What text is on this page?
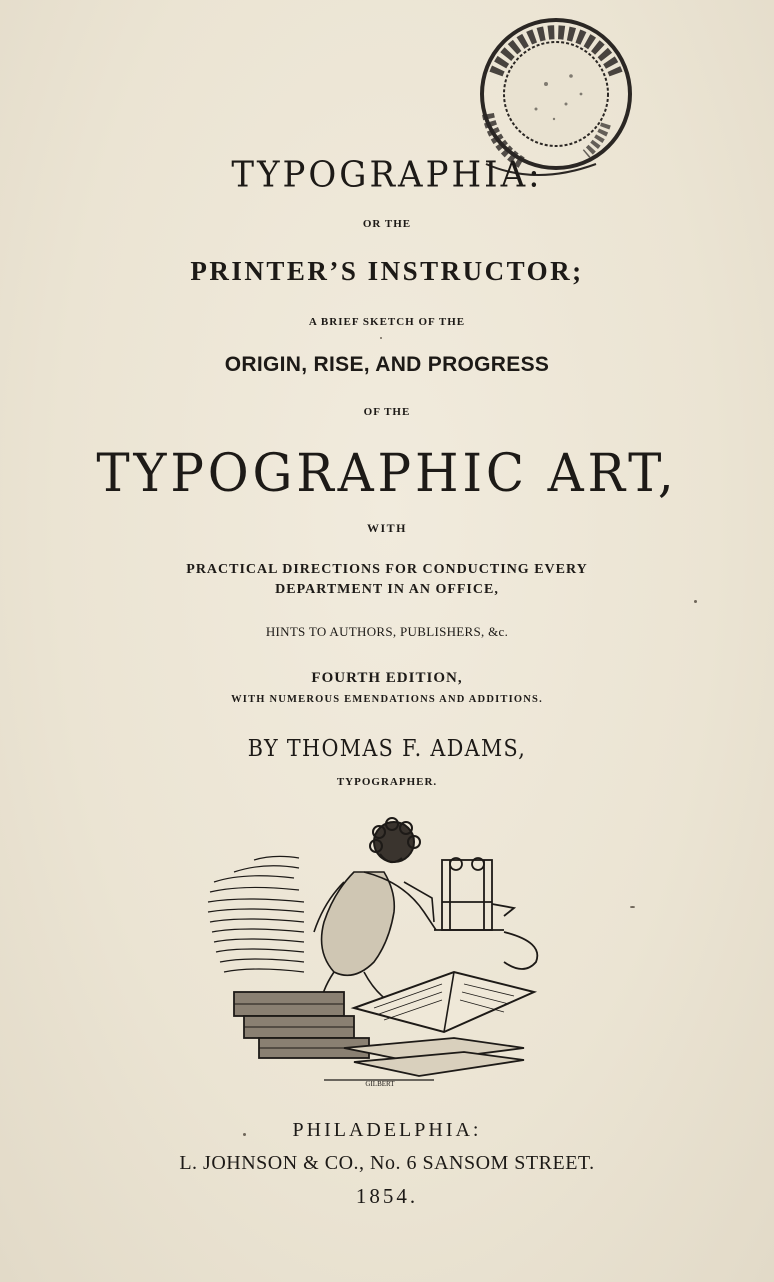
TYPOGRAPHIA:
OR THE
PRINTER’S INSTRUCTOR;
A BRIEF SKETCH OF THE
ORIGIN, RISE, AND PROGRESS
OF THE
TYPOGRAPHIC ART,
WITH
PRACTICAL DIRECTIONS FOR CONDUCTING EVERY
DEPARTMENT IN AN OFFICE,
HINTS TO AUTHORS, PUBLISHERS, &c.
FOURTH EDITION,
WITH NUMEROUS EMENDATIONS AND ADDITIONS.
BY THOMAS F. ADAMS,
TYPOGRAPHER.
GILBERT
PHILADELPHIA:
L. JOHNSON & CO., No. 6 SANSOM STREET.
1854.
